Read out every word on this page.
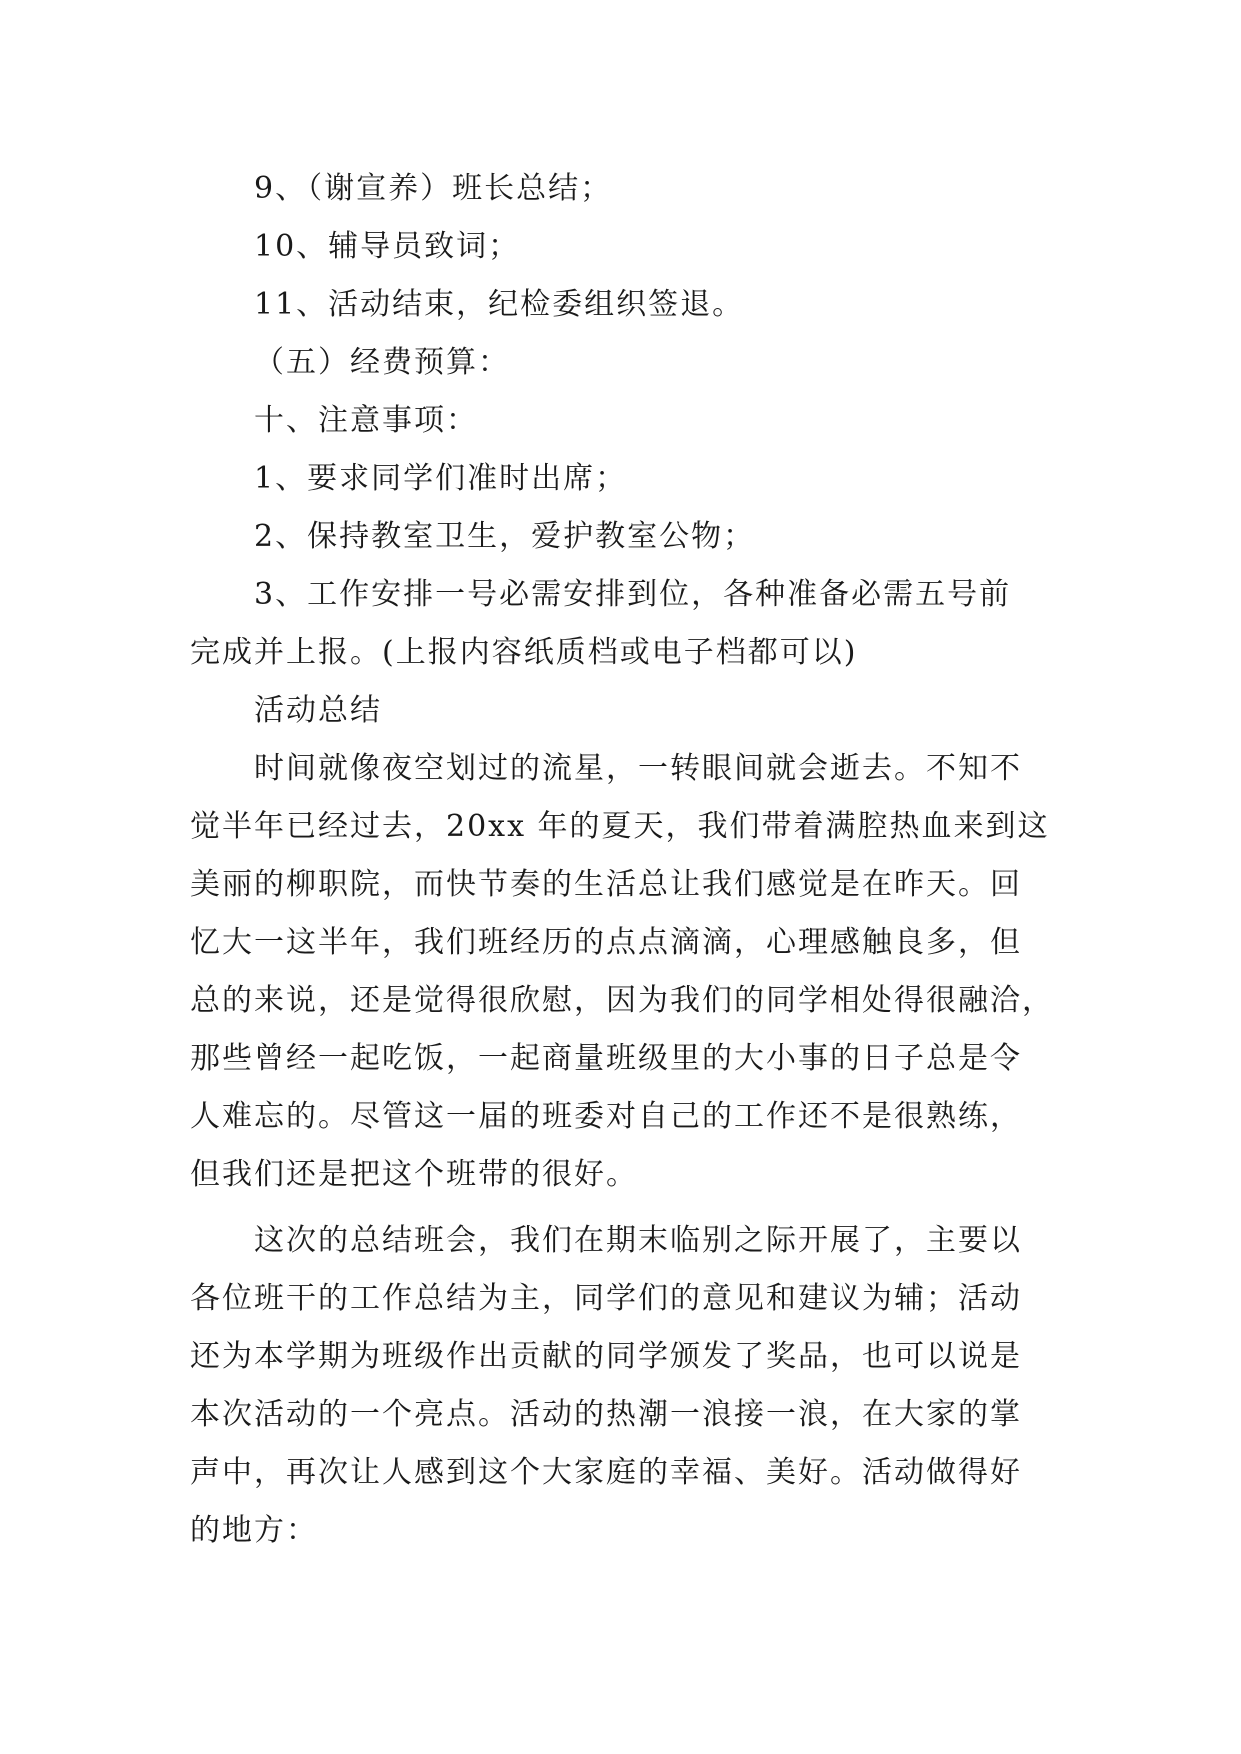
9、（谢宣养）班长总结；

10、辅导员致词；

11、活动结束，纪检委组织签退。

（五）经费预算：

十、注意事项：

1、要求同学们准时出席；

2、保持教室卫生，爱护教室公物；

3、工作安排一号必需安排到位，各种准备必需五号前
完成并上报。(上报内容纸质档或电子档都可以)

活动总结

时间就像夜空划过的流星，一转眼间就会逝去。不知不
觉半年已经过去，20xx 年的夏天，我们带着满腔热血来到这
美丽的柳职院，而快节奏的生活总让我们感觉是在昨天。回
忆大一这半年，我们班经历的点点滴滴，心理感触良多，但
总的来说，还是觉得很欣慰，因为我们的同学相处得很融洽，
那些曾经一起吃饭，一起商量班级里的大小事的日子总是令
人难忘的。尽管这一届的班委对自己的工作还不是很熟练，
但我们还是把这个班带的很好。

这次的总结班会，我们在期末临别之际开展了，主要以
各位班干的工作总结为主，同学们的意见和建议为辅；活动
还为本学期为班级作出贡献的同学颁发了奖品，也可以说是
本次活动的一个亮点。活动的热潮一浪接一浪，在大家的掌
声中，再次让人感到这个大家庭的幸福、美好。活动做得好
的地方：
